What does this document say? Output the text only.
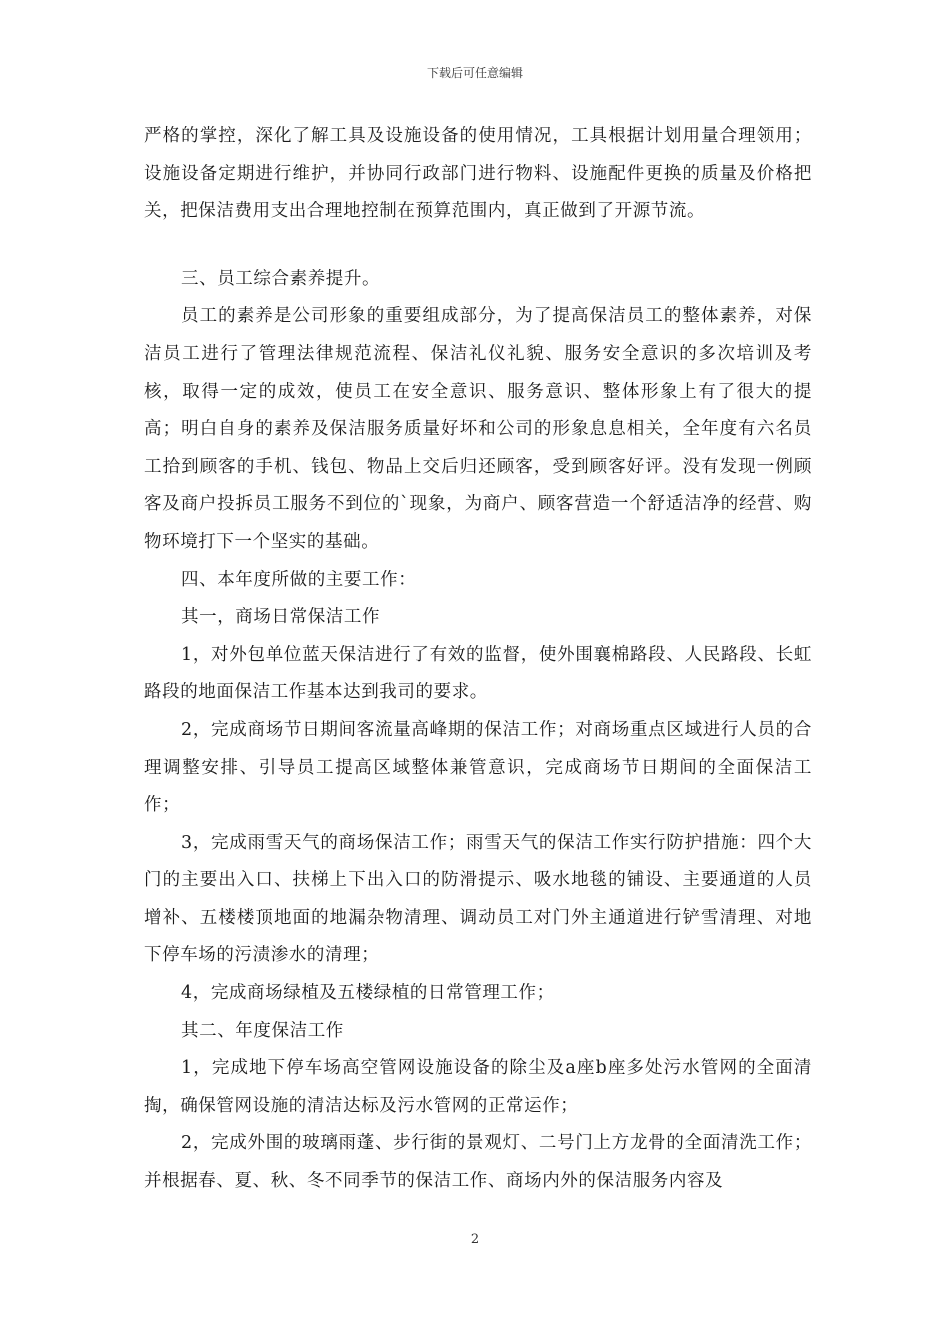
下载后可任意编辑

严格的掌控，深化了解工具及设施设备的使用情况，工具根据计划用量合理领用；设施设备定期进行维护，并协同行政部门进行物料、设施配件更换的质量及价格把关，把保洁费用支出合理地控制在预算范围内，真正做到了开源节流。

三、员工综合素养提升。

员工的素养是公司形象的重要组成部分，为了提高保洁员工的整体素养，对保洁员工进行了管理法律规范流程、保洁礼仪礼貌、服务安全意识的多次培训及考核，取得一定的成效，使员工在安全意识、服务意识、整体形象上有了很大的提高；明白自身的素养及保洁服务质量好坏和公司的形象息息相关，全年度有六名员工拾到顾客的手机、钱包、物品上交后归还顾客，受到顾客好评。没有发现一例顾客及商户投拆员工服务不到位的`现象，为商户、顾客营造一个舒适洁净的经营、购物环境打下一个坚实的基础。

四、本年度所做的主要工作：

其一，商场日常保洁工作

1，对外包单位蓝天保洁进行了有效的监督，使外围襄棉路段、人民路段、长虹路段的地面保洁工作基本达到我司的要求。

2，完成商场节日期间客流量高峰期的保洁工作；对商场重点区域进行人员的合理调整安排、引导员工提高区域整体兼管意识，完成商场节日期间的全面保洁工作；

3，完成雨雪天气的商场保洁工作；雨雪天气的保洁工作实行防护措施：四个大门的主要出入口、扶梯上下出入口的防滑提示、吸水地毯的铺设、主要通道的人员增补、五楼楼顶地面的地漏杂物清理、调动员工对门外主通道进行铲雪清理、对地下停车场的污渍渗水的清理；

4，完成商场绿植及五楼绿植的日常管理工作；

其二、年度保洁工作

1，完成地下停车场高空管网设施设备的除尘及a座b座多处污水管网的全面清掏，确保管网设施的清洁达标及污水管网的正常运作；

2，完成外围的玻璃雨蓬、步行街的景观灯、二号门上方龙骨的全面清洗工作；并根据春、夏、秋、冬不同季节的保洁工作、商场内外的保洁服务内容及

2
